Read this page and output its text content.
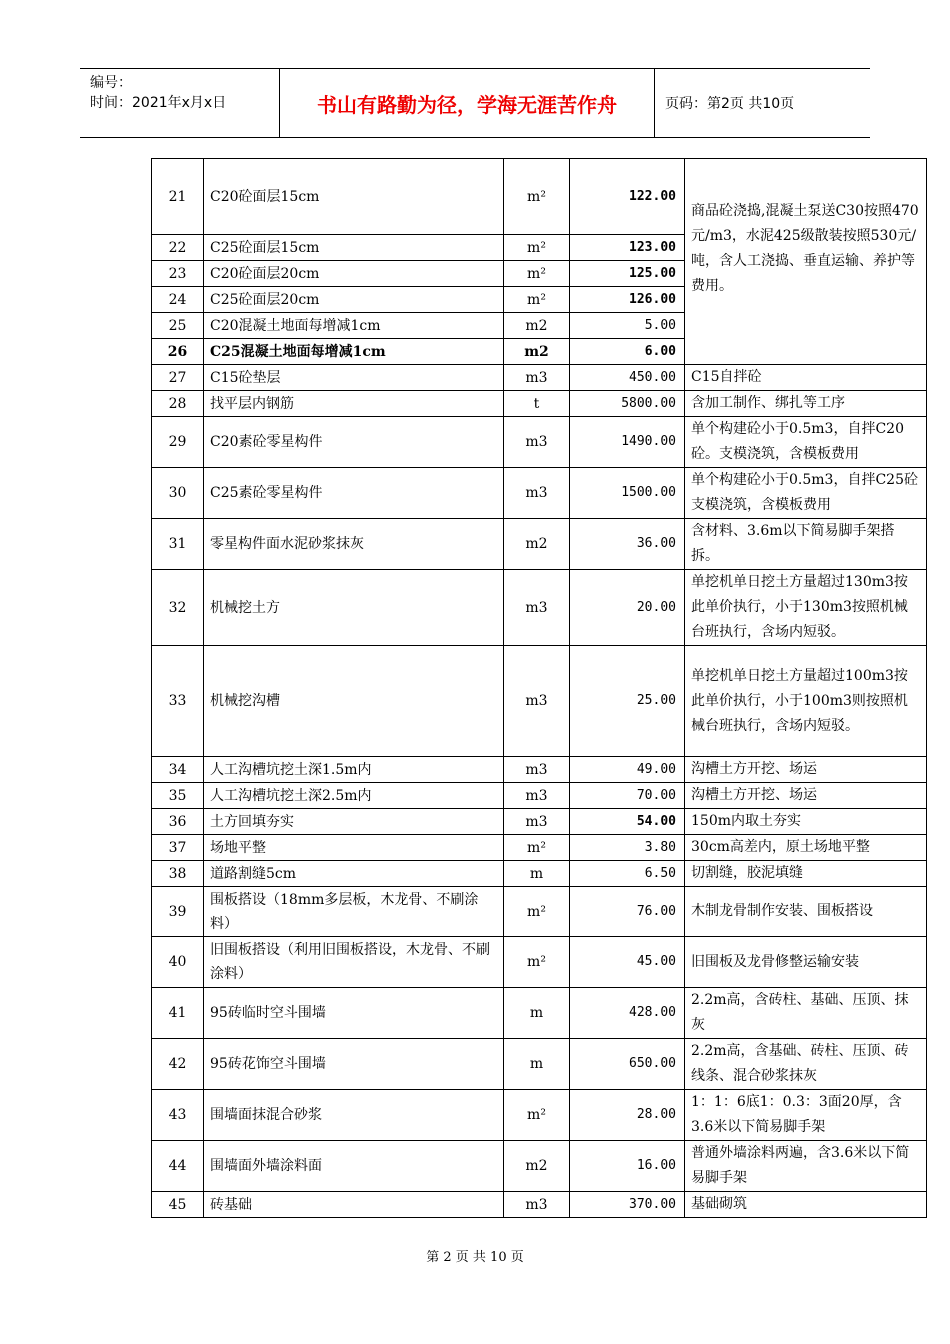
编号：
时间：2021年x月x日	书山有路勤为径，学海无涯苦作舟	页码：第2页 共10页
21	C20砼面层15cm	m²	122.00	商品砼浇捣,混凝土泵送C30按照470元/m3，水泥425级散装按照530元/吨，含人工浇捣、垂直运输、养护等费用。
22	C25砼面层15cm	m²	123.00	
23	C20砼面层20cm	m²	125.00	
24	C25砼面层20cm	m²	126.00	
25	C20混凝土地面每增减1cm	m2	5.00	
26	C25混凝土地面每增减1cm	m2	6.00	
27	C15砼垫层	m3	450.00	C15自拌砼
28	找平层内钢筋	t	5800.00	含加工制作、绑扎等工序
29	C20素砼零星构件	m3	1490.00	单个构建砼小于0.5m3，自拌C20砼。支模浇筑，含模板费用
30	C25素砼零星构件	m3	1500.00	单个构建砼小于0.5m3，自拌C25砼支模浇筑，含模板费用
31	零星构件面水泥砂浆抹灰	m2	36.00	含材料、3.6m以下简易脚手架搭拆。
32	机械挖土方	m3	20.00	单挖机单日挖土方量超过130m3按此单价执行，小于130m3按照机械台班执行，含场内短驳。
33	机械挖沟槽	m3	25.00	单挖机单日挖土方量超过100m3按此单价执行，小于100m3则按照机械台班执行，含场内短驳。
34	人工沟槽坑挖土深1.5m内	m3	49.00	沟槽土方开挖、场运
35	人工沟槽坑挖土深2.5m内	m3	70.00	沟槽土方开挖、场运
36	土方回填夯实	m3	54.00	150m内取土夯实
37	场地平整	m²	3.80	30cm高差内，原土场地平整
38	道路割缝5cm	m	6.50	切割缝，胶泥填缝
39	围板搭设（18mm多层板，木龙骨、不刷涂料）	m²	76.00	木制龙骨制作安装、围板搭设
40	旧围板搭设（利用旧围板搭设，木龙骨、不刷涂料）	m²	45.00	旧围板及龙骨修整运输安装
41	95砖临时空斗围墙	m	428.00	2.2m高，含砖柱、基础、压顶、抹灰
42	95砖花饰空斗围墙	m	650.00	2.2m高，含基础、砖柱、压顶、砖线条、混合砂浆抹灰
43	围墙面抹混合砂浆	m²	28.00	1：1：6底1：0.3：3面20厚，含3.6米以下简易脚手架
44	围墙面外墙涂料面	m2	16.00	普通外墙涂料两遍，含3.6米以下简易脚手架
45	砖基础	m3	370.00	基础砌筑
第 2 页 共 10 页
